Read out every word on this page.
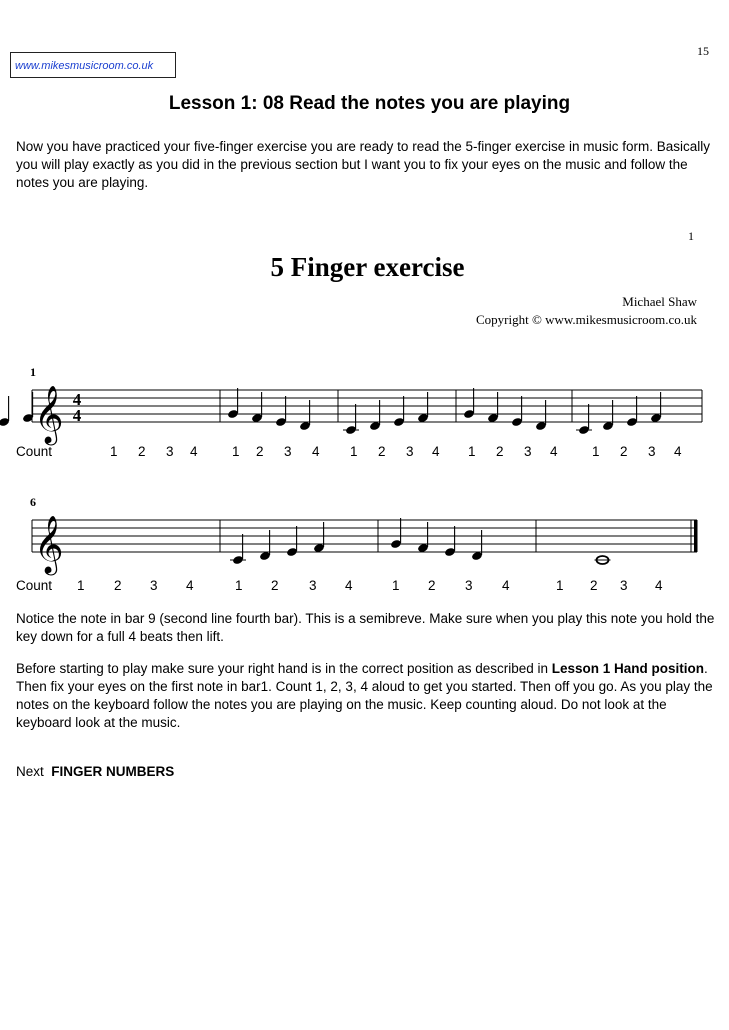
15
www.mikesmusicroom.co.uk
Lesson 1: 08 Read the notes you are playing
Now you have practiced your five-finger exercise you are ready to read the 5-finger exercise in music form. Basically you will play exactly as you did in the previous section but I want you to fix your eyes on the music and follow the notes you are playing.
1
5 Finger exercise
Michael Shaw
Copyright © www.mikesmusicroom.co.uk
1
𝄞 4
4
Count	1 2 3 4	1 2 3 4 1 2 3 4 1 2 3 4	1 2 3 4
6
𝄞
Count 1 2 3 4	1 2 3 4	1 2 3 4	1 2 3 4
Notice the note in bar 9 (second line fourth bar). This is a semibreve. Make sure when you play this note you hold the key down for a full 4 beats then lift.
Before starting to play make sure your right hand is in the correct position as described in Lesson 1 Hand position. Then fix your eyes on the first note in bar1. Count 1, 2, 3, 4 aloud to get you started. Then off you go. As you play the notes on the keyboard follow the notes you are playing on the music. Keep counting aloud. Do not look at the keyboard look at the music.
Next FINGER NUMBERS
